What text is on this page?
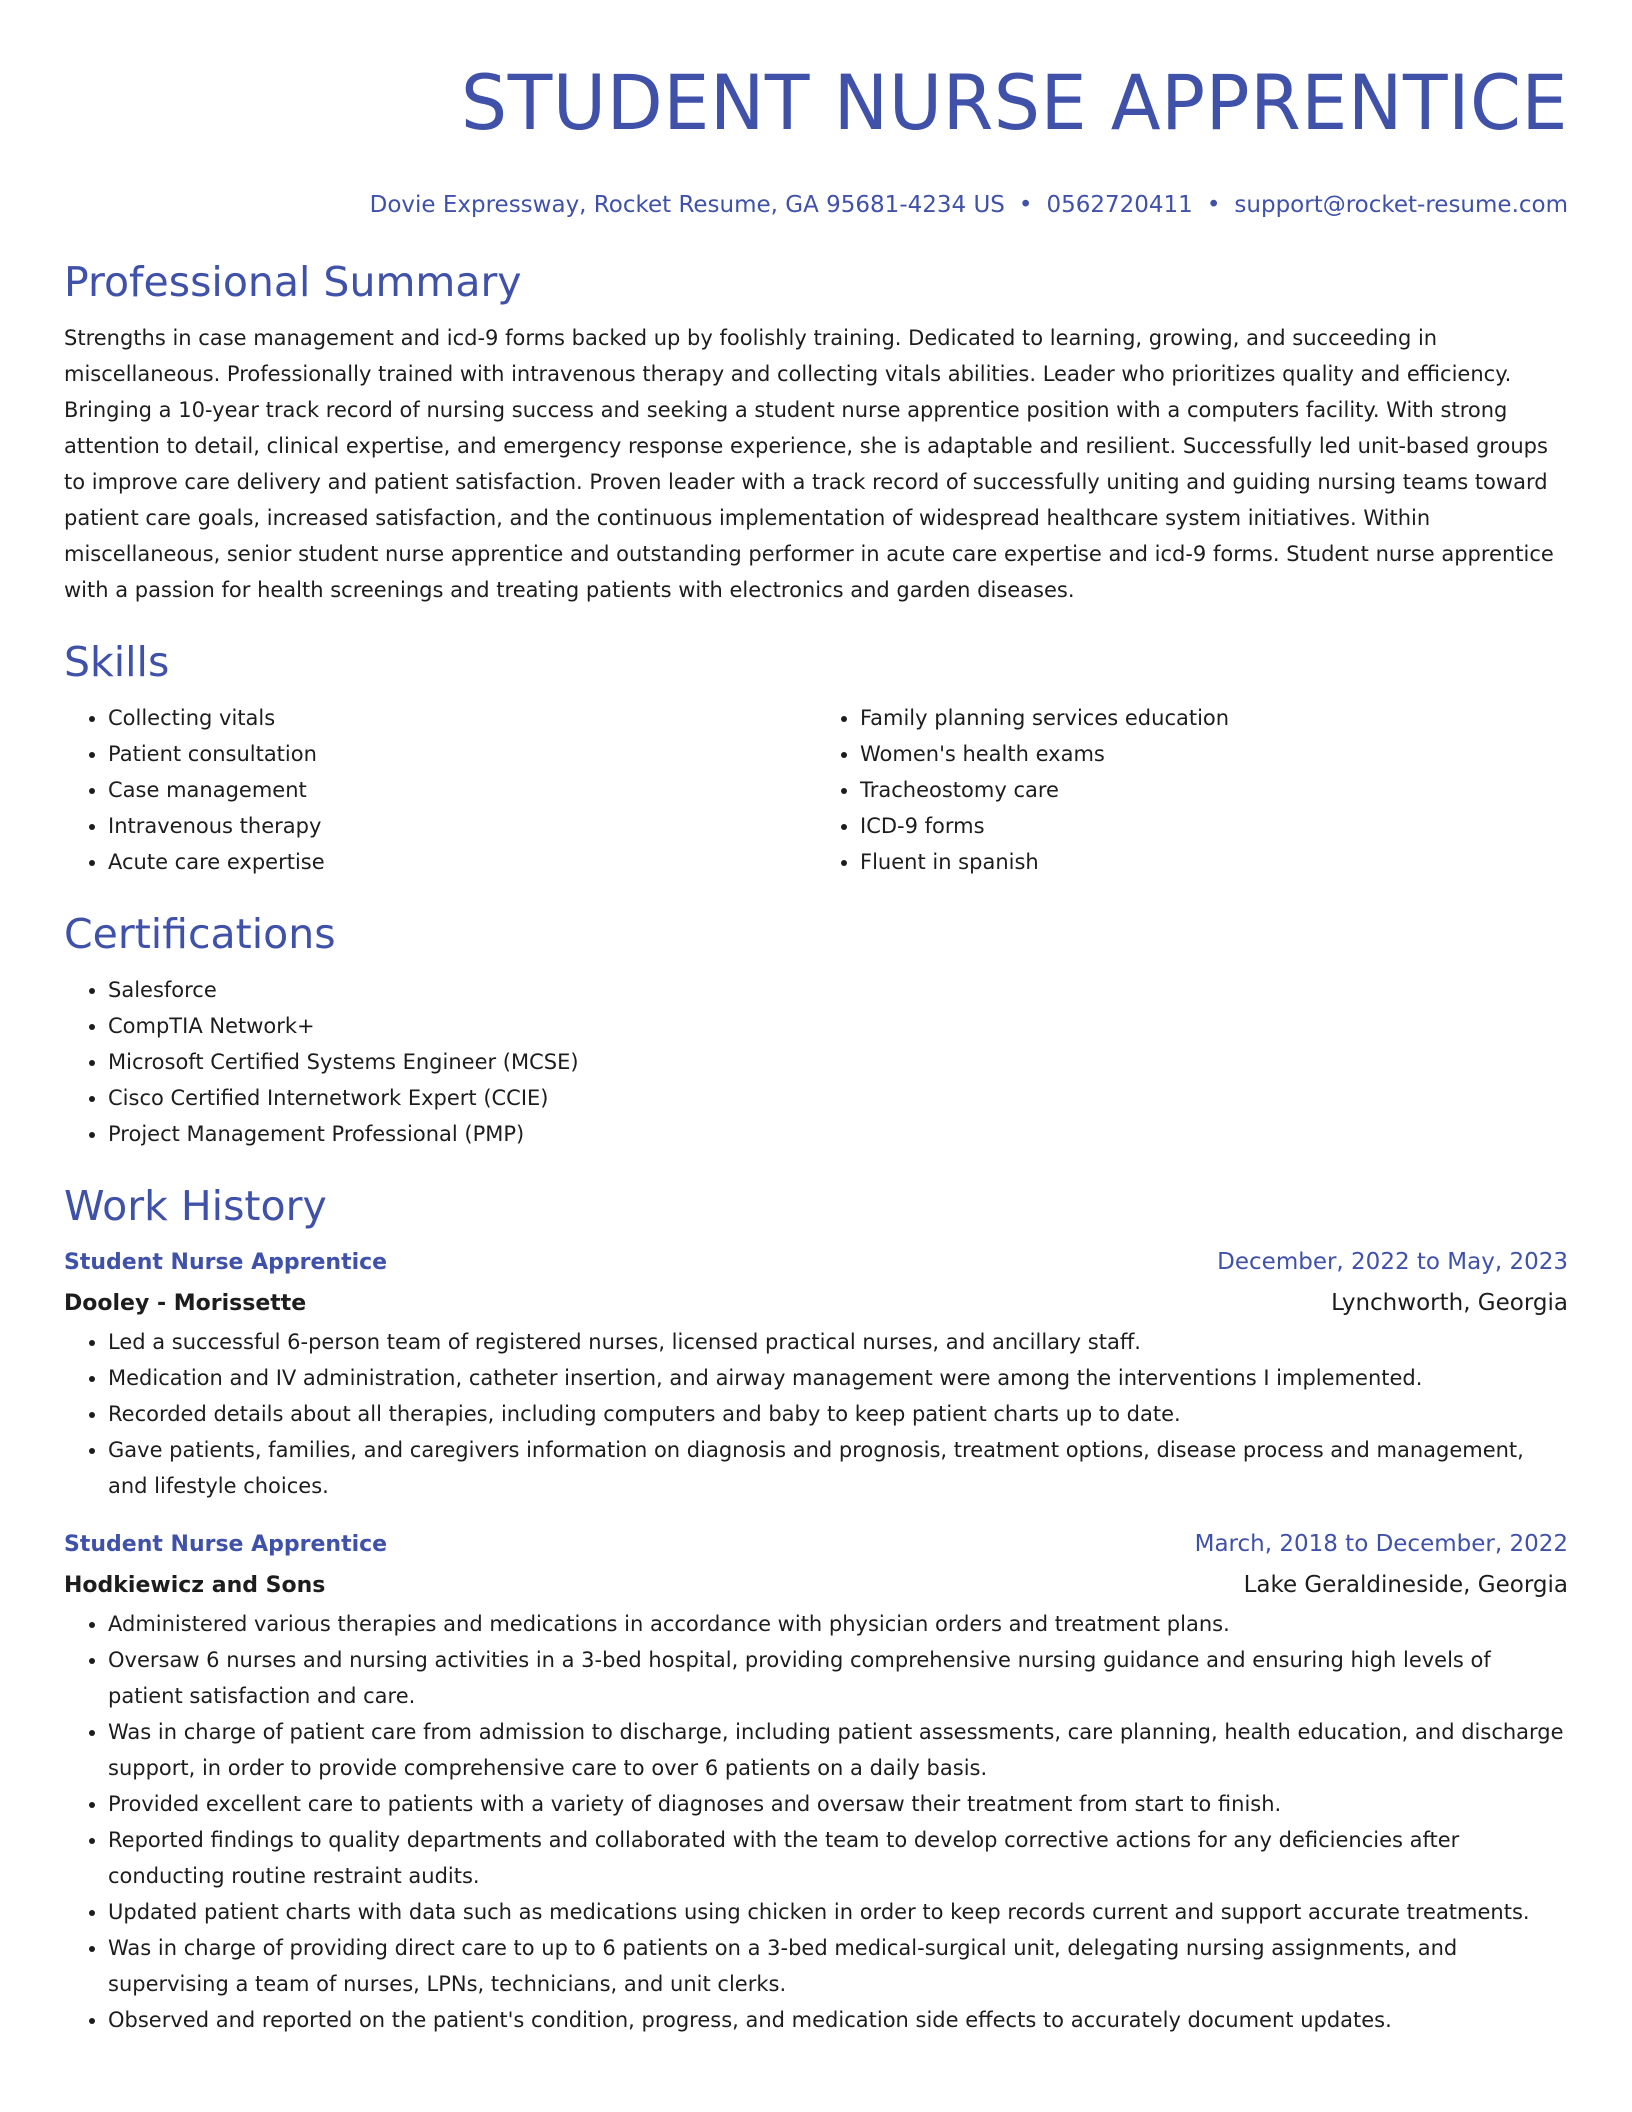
STUDENT NURSE APPRENTICE
Dovie Expressway, Rocket Resume, GA 95681-4234 US • 0562720411 • support@rocket-resume.com
Professional Summary
Strengths in case management and icd-9 forms backed up by foolishly training. Dedicated to learning, growing, and succeeding in miscellaneous. Professionally trained with intravenous therapy and collecting vitals abilities. Leader who prioritizes quality and efficiency. Bringing a 10-year track record of nursing success and seeking a student nurse apprentice position with a computers facility. With strong attention to detail, clinical expertise, and emergency response experience, she is adaptable and resilient. Successfully led unit-based groups to improve care delivery and patient satisfaction. Proven leader with a track record of successfully uniting and guiding nursing teams toward patient care goals, increased satisfaction, and the continuous implementation of widespread healthcare system initiatives. Within miscellaneous, senior student nurse apprentice and outstanding performer in acute care expertise and icd-9 forms. Student nurse apprentice with a passion for health screenings and treating patients with electronics and garden diseases.
Skills
• Collecting vitals
• Patient consultation
• Case management
• Intravenous therapy
• Acute care expertise
• Family planning services education
• Women's health exams
• Tracheostomy care
• ICD-9 forms
• Fluent in spanish
Certifications
• Salesforce
• CompTIA Network+
• Microsoft Certified Systems Engineer (MCSE)
• Cisco Certified Internetwork Expert (CCIE)
• Project Management Professional (PMP)
Work History
Student Nurse Apprentice	December, 2022 to May, 2023
Dooley - Morissette	Lynchworth, Georgia
• Led a successful 6-person team of registered nurses, licensed practical nurses, and ancillary staff.
• Medication and IV administration, catheter insertion, and airway management were among the interventions I implemented.
• Recorded details about all therapies, including computers and baby to keep patient charts up to date.
• Gave patients, families, and caregivers information on diagnosis and prognosis, treatment options, disease process and management, and lifestyle choices.
Student Nurse Apprentice	March, 2018 to December, 2022
Hodkiewicz and Sons	Lake Geraldineside, Georgia
• Administered various therapies and medications in accordance with physician orders and treatment plans.
• Oversaw 6 nurses and nursing activities in a 3-bed hospital, providing comprehensive nursing guidance and ensuring high levels of patient satisfaction and care.
• Was in charge of patient care from admission to discharge, including patient assessments, care planning, health education, and discharge support, in order to provide comprehensive care to over 6 patients on a daily basis.
• Provided excellent care to patients with a variety of diagnoses and oversaw their treatment from start to finish.
• Reported findings to quality departments and collaborated with the team to develop corrective actions for any deficiencies after conducting routine restraint audits.
• Updated patient charts with data such as medications using chicken in order to keep records current and support accurate treatments.
• Was in charge of providing direct care to up to 6 patients on a 3-bed medical-surgical unit, delegating nursing assignments, and supervising a team of nurses, LPNs, technicians, and unit clerks.
• Observed and reported on the patient's condition, progress, and medication side effects to accurately document updates.
